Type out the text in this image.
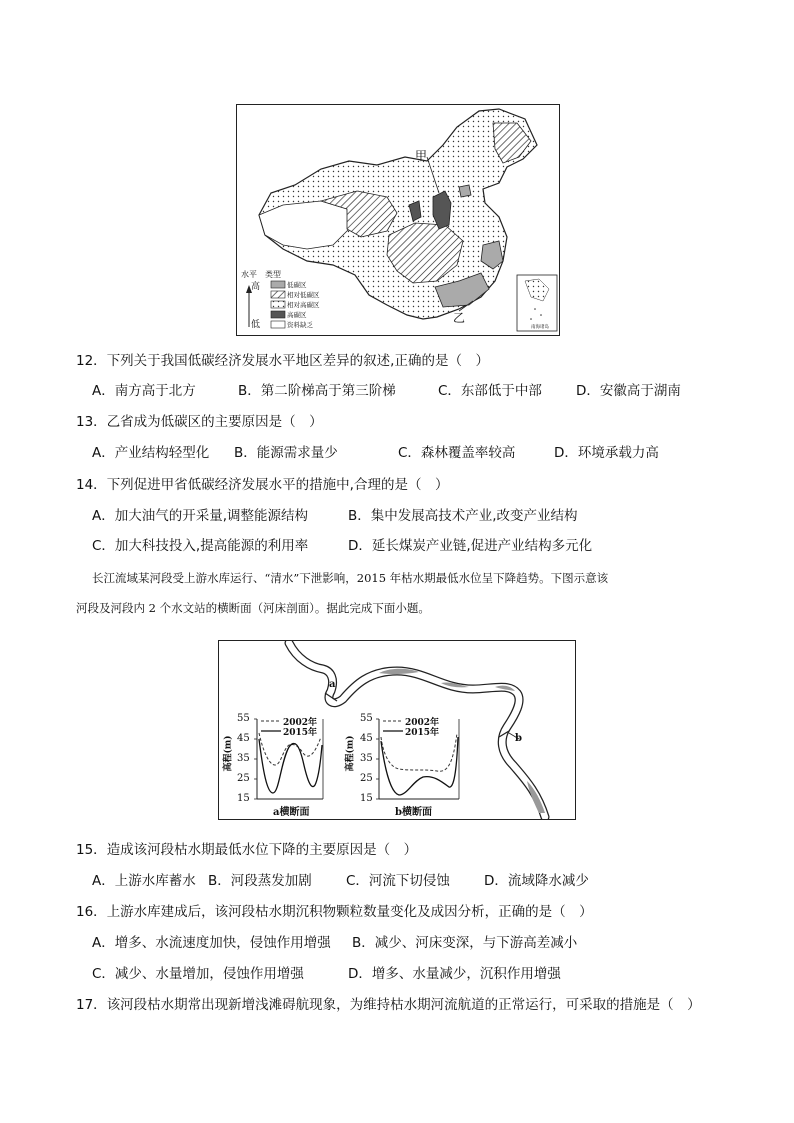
甲
乙
水平 类型
高
低
低碳区
相对低碳区
相对高碳区
高碳区
资料缺乏	南海诸岛
12．下列关于我国低碳经济发展水平地区差异的叙述,正确的是（　）
A．南方高于北方	B．第二阶梯高于第三阶梯	C．东部低于中部	D．安徽高于湖南
13．乙省成为低碳区的主要原因是（　）
A．产业结构轻型化 B．能源需求量少	C．森林覆盖率较高	D．环境承载力高
14．下列促进甲省低碳经济发展水平的措施中,合理的是（　）
A．加大油气的开采量,调整能源结构	B．集中发展高技术产业,改变产业结构
C．加大科技投入,提高能源的利用率	D．延长煤炭产业链,促进产业结构多元化
长江流域某河段受上游水库运行、“清水”下泄影响，2015 年枯水期最低水位呈下降趋势。下图示意该
河段及河段内 2 个水文站的横断面（河床剖面）。据此完成下面小题。
a
b
55
45
35
25
15
高程(m)
2002年
2015年
a横断面
55
45
35
25
15
高程(m)
2002年
2015年
b横断面
15．造成该河段枯水期最低水位下降的主要原因是（　）
A．上游水库蓄水 B．河段蒸发加剧	C．河流下切侵蚀	D．流域降水减少
16．上游水库建成后，该河段枯水期沉积物颗粒数量变化及成因分析，正确的是（　）
A．增多、水流速度加快，侵蚀作用增强 B．减少、河床变深，与下游高差减小
C．减少、水量增加，侵蚀作用增强	D．增多、水量减少，沉积作用增强
17．该河段枯水期常出现新增浅滩碍航现象，为维持枯水期河流航道的正常运行，可采取的措施是（　）
